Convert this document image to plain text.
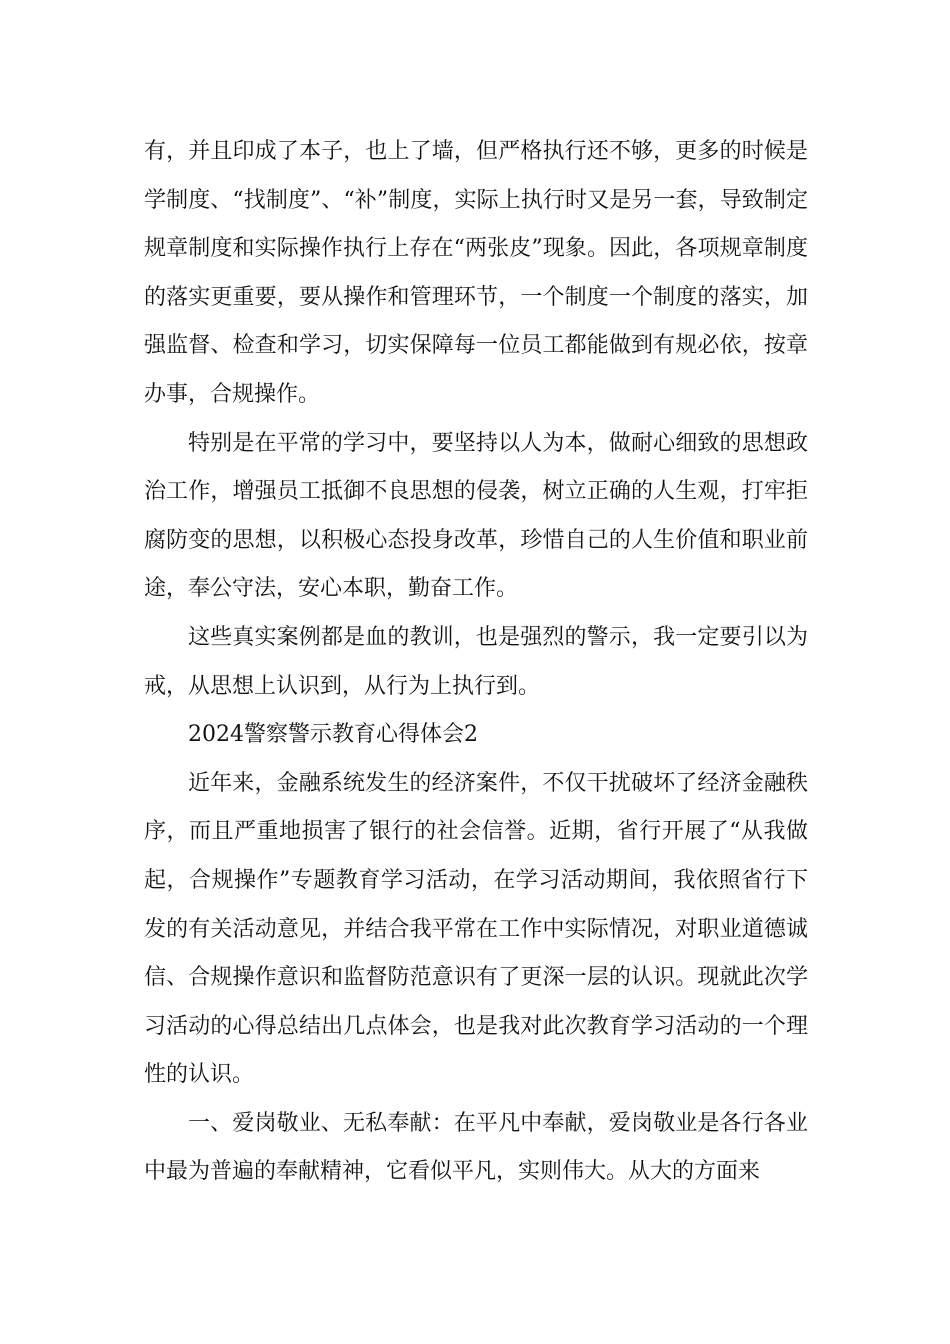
有，并且印成了本子，也上了墙，但严格执行还不够，更多的时候是学制度、“找制度”、“补”制度，实际上执行时又是另一套，导致制定规章制度和实际操作执行上存在“两张皮”现象。因此，各项规章制度的落实更重要，要从操作和管理环节，一个制度一个制度的落实，加强监督、检查和学习，切实保障每一位员工都能做到有规必依，按章办事，合规操作。

特别是在平常的学习中，要坚持以人为本，做耐心细致的思想政治工作，增强员工抵御不良思想的侵袭，树立正确的人生观，打牢拒腐防变的思想，以积极心态投身改革，珍惜自己的人生价值和职业前途，奉公守法，安心本职，勤奋工作。

这些真实案例都是血的教训，也是强烈的警示，我一定要引以为戒，从思想上认识到，从行为上执行到。

2024警察警示教育心得体会2

近年来，金融系统发生的经济案件，不仅干扰破坏了经济金融秩序，而且严重地损害了银行的社会信誉。近期，省行开展了“从我做起，合规操作”专题教育学习活动，在学习活动期间，我依照省行下发的有关活动意见，并结合我平常在工作中实际情况，对职业道德诚信、合规操作意识和监督防范意识有了更深一层的认识。现就此次学习活动的心得总结出几点体会，也是我对此次教育学习活动的一个理性的认识。

一、爱岗敬业、无私奉献：在平凡中奉献，爱岗敬业是各行各业中最为普遍的奉献精神，它看似平凡，实则伟大。从大的方面来
